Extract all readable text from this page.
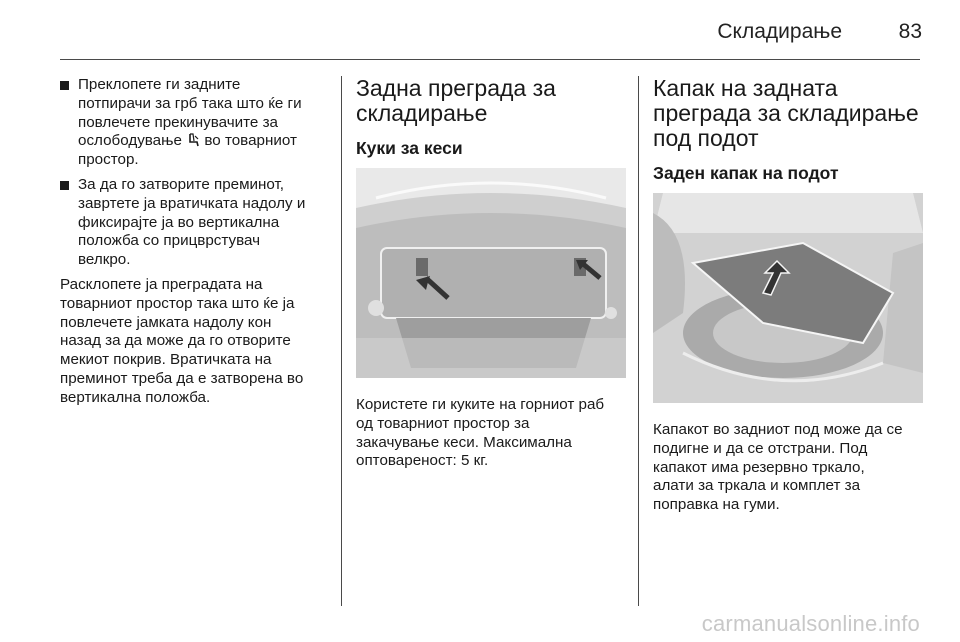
Складирање	83
Преклопете ги задните
потпирачи за грб така што ќе ги
повлечете прекинувачите за
ослободување во товарниот
простор.
За да го затворите преминот,
завртете ја вратичката надолу и
фиксирајте ја во вертикална
положба со прицврстувач
велкро.

Расклопете ја преградата на
товарниот простор така што ќе ја
повлечете јамката надолу кон
назад за да може да го отворите
мекиот покрив. Вратичката на
преминот треба да е затворена во
вертикална положба.

Задна преграда за
складирање
Куки за кеси

Користете ги куките на горниот раб
од товарниот простор за
закачување кеси. Максимална
оптовареност: 5 кг.

Капак на задната
преграда за складирање
под подот
Заден капак на подот

Капакот во задниот под може да се
подигне и да се отстрани. Под
капакот има резервно тркало,
алати за тркала и комплет за
поправка на гуми.

carmanualsonline.info
